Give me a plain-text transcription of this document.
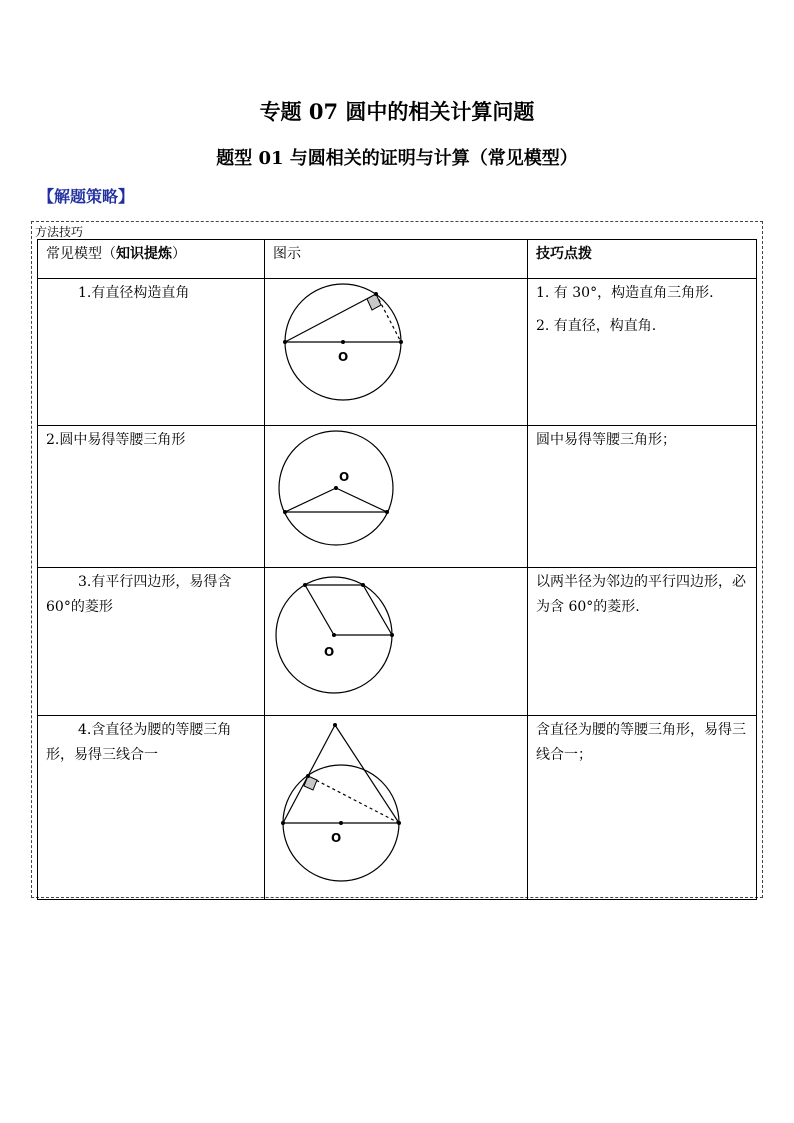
专题 07 圆中的相关计算问题
题型 01 与圆相关的证明与计算（常见模型）
【解题策略】
方法技巧
常见模型（知识提炼）	图示	技巧点拨

1.有直径构造直角	O	1. 有 30°，构造直角三角形.

2. 有直径，构直角.

2.圆中易得等腰三角形	O	圆中易得等腰三角形；

3.有平行四边形，易得含
60°的菱形	O	以两半径为邻边的平行四边形，必为含 60°的菱形.

4.含直径为腰的等腰三角
形，易得三线合一	O	含直径为腰的等腰三角形，易得三线合一；
